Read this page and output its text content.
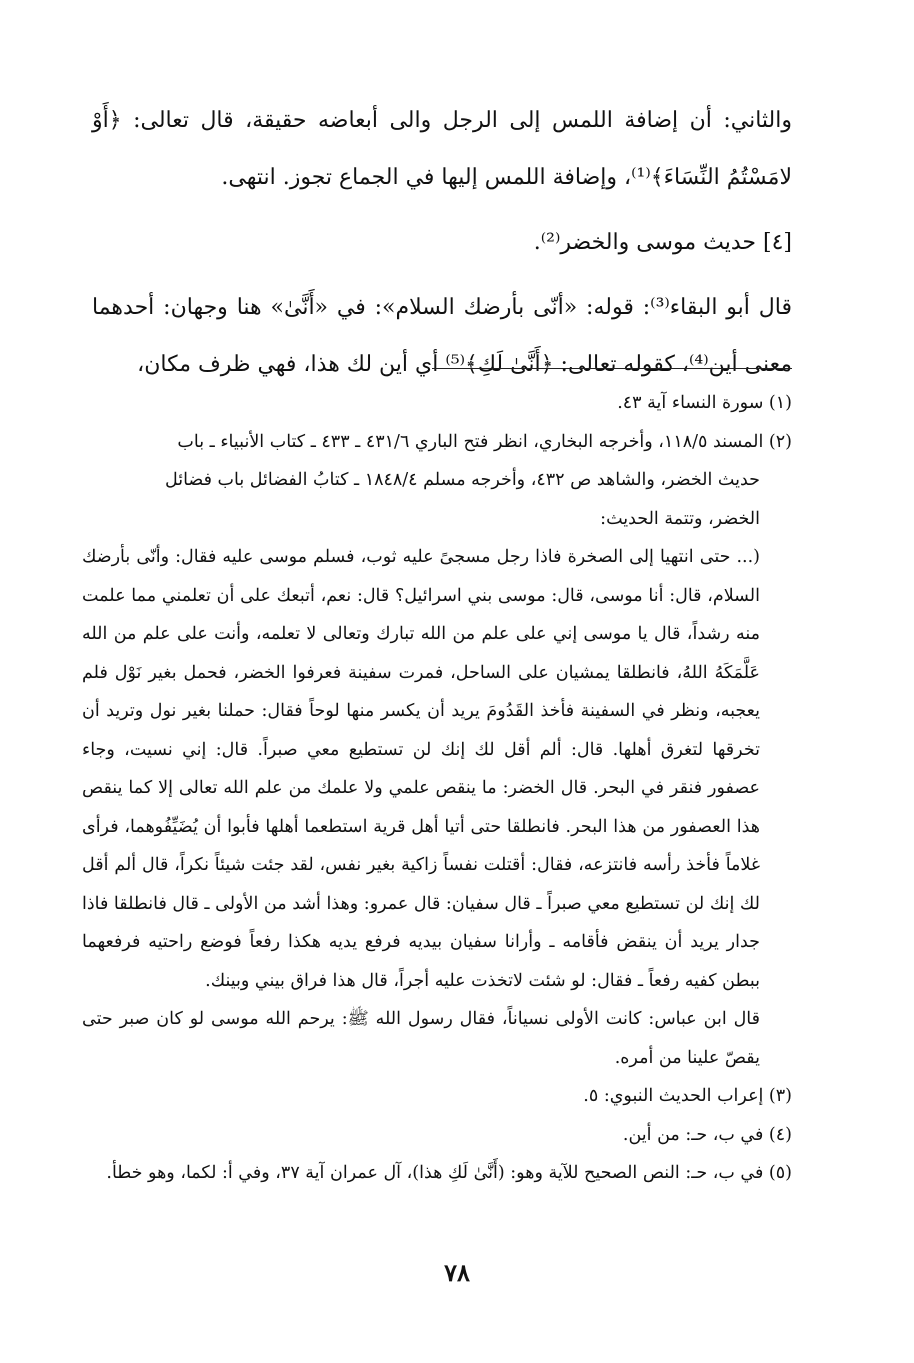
والثاني: أن إضافة اللمس إلى الرجل والى أبعاضه حقيقة، قال تعالى: ﴿أَوْ لامَسْتُمُ النِّسَاءَ﴾⁽¹⁾، وإضافة اللمس إليها في الجماع تجوز. انتهى.

[٤] حديث موسى والخضر⁽²⁾.

قال أبو البقاء⁽³⁾: قوله: «أنّى بأرضك السلام»: في «أَنَّىٰ» هنا وجهان: أحدهما معنى أين⁽⁴⁾، كقوله تعالى: ﴿أَنَّىٰ لَكِ﴾⁽⁵⁾ أي أين لك هذا، فهي ظرف مكان،

(١) سورة النساء آية ٤٣.

(٢) المسند ١١٨/٥، وأخرجه البخاري، انظر فتح الباري ٤٣١/٦ ـ ٤٣٣ ـ كتاب الأنبياء ـ باب

حديث الخضر، والشاهد ص ٤٣٢، وأخرجه مسلم ١٨٤٨/٤ ـ كتابُ الفضائل باب فضائل

الخضر، وتتمة الحديث:

(... حتى انتهيا إلى الصخرة فاذا رجل مسجىً عليه ثوب، فسلم موسى عليه فقال: وأنّى بأرضك السلام، قال: أنا موسى، قال: موسى بني اسرائيل؟ قال: نعم، أتبعك على أن تعلمني مما علمت منه رشداً، قال يا موسى إني على علم من الله تبارك وتعالى لا تعلمه، وأنت على علم من الله عَلَّمَكَهُ اللهُ، فانطلقا يمشيان على الساحل، فمرت سفينة فعرفوا الخضر، فحمل بغير نَوْل فلم يعجبه، ونظر في السفينة فأخذ القَدُومَ يريد أن يكسر منها لوحاً فقال: حملنا بغير نول وتريد أن تخرقها لتغرق أهلها. قال: ألم أقل لك إنك لن تستطيع معي صبراً. قال: إني نسيت، وجاء عصفور فنقر في البحر. قال الخضر: ما ينقص علمي ولا علمك من علم الله تعالى إلا كما ينقص هذا العصفور من هذا البحر. فانطلقا حتى أتيا أهل قرية استطعما أهلها فأبوا أن يُضَيِّفُوهما، فرأى غلاماً فأخذ رأسه فانتزعه، فقال: أقتلت نفساً زاكية بغير نفس، لقد جئت شيئاً نكراً، قال ألم أقل لك إنك لن تستطيع معي صبراً ـ قال سفيان: قال عمرو: وهذا أشد من الأولى ـ قال فانطلقا فاذا جدار يريد أن ينقض فأقامه ـ وأرانا سفيان بيديه فرفع يديه هكذا رفعاً فوضع راحتيه فرفعهما ببطن كفيه رفعاً ـ فقال: لو شئت لاتخذت عليه أجراً، قال هذا فراق بيني وبينك.

قال ابن عباس: كانت الأولى نسياناً، فقال رسول الله ﷺ: يرحم الله موسى لو كان صبر حتى يقصّ علينا من أمره.

(٣) إعراب الحديث النبوي: ٥.

(٤) في ب، حـ: من أين.

(٥) في ب، حـ: النص الصحيح للآية وهو: (أَنَّىٰ لَكِ هذا)، آل عمران آية ٣٧، وفي أ: لكما، وهو خطأ.

٧٨
